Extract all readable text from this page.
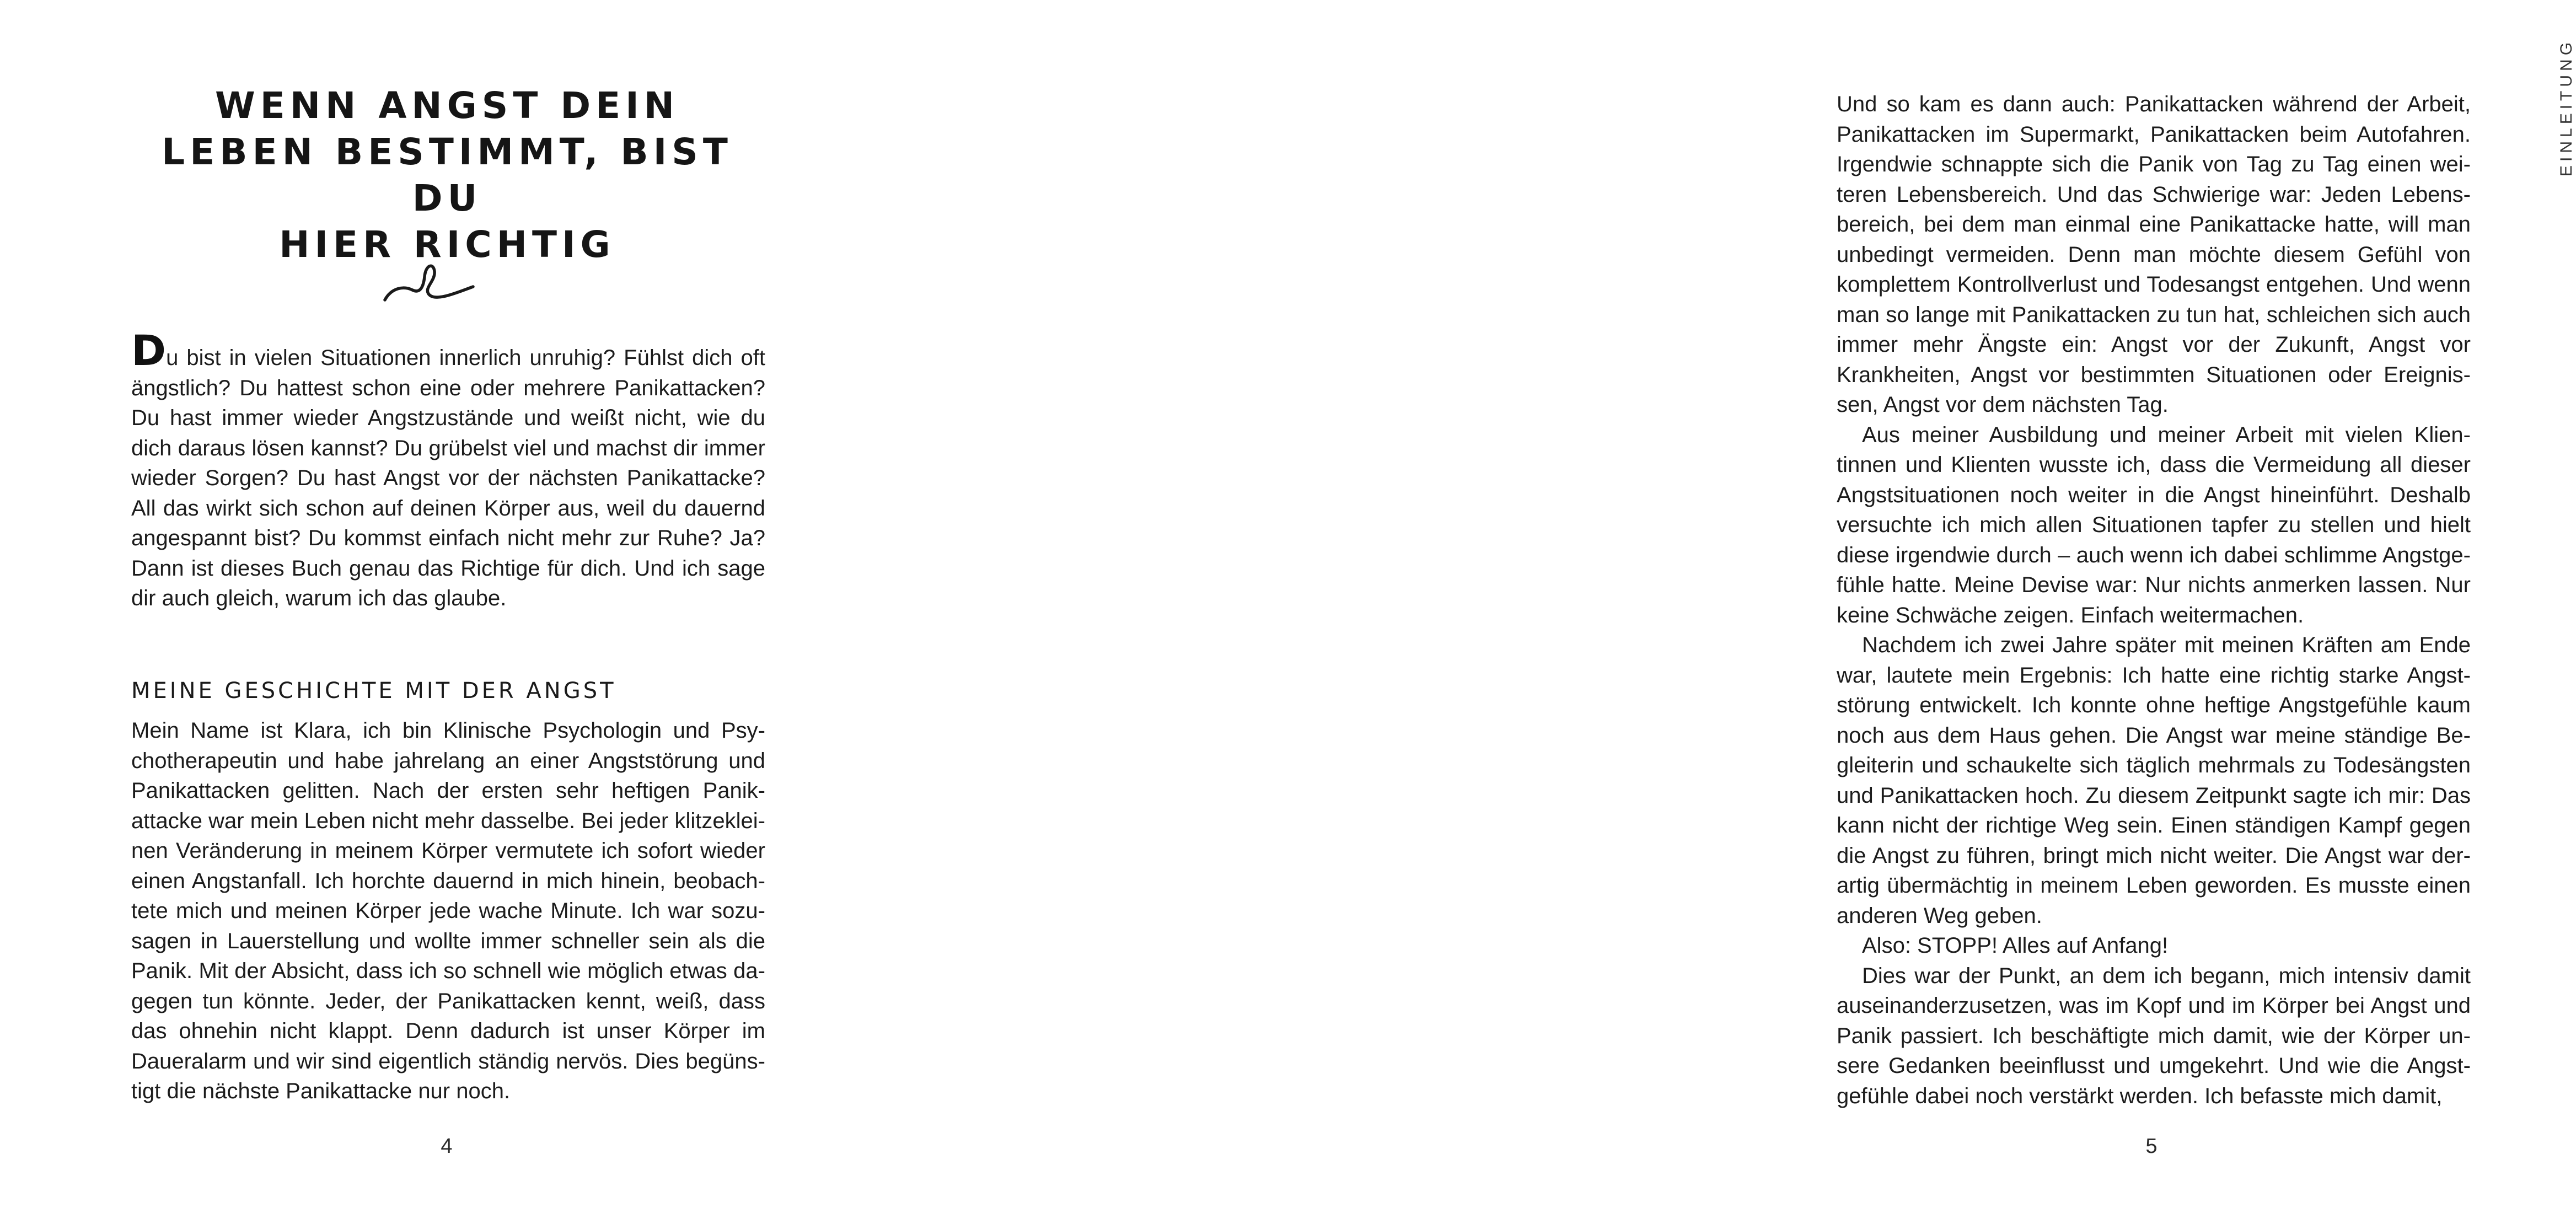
WENN ANGST DEIN
LEBEN BESTIMMT, BIST DU
HIER RICHTIG

Du bist in vielen Situationen innerlich unruhig? Fühlst dich oft ängstlich? Du hattest schon eine oder mehrere Panikattacken? Du hast immer wieder Angstzustände und weißt nicht, wie du dich daraus lösen kannst? Du grübelst viel und machst dir immer wieder Sorgen? Du hast Angst vor der nächsten Panikattacke? All das wirkt sich schon auf deinen Körper aus, weil du dauernd angespannt bist? Du kommst einfach nicht mehr zur Ruhe? Ja? Dann ist dieses Buch genau das Richtige für dich. Und ich sage dir auch gleich, warum ich das glaube.

MEINE GESCHICHTE MIT DER ANGST

Mein Name ist Klara, ich bin Klinische Psychologin und Psychotherapeutin und habe jahrelang an einer Angststörung und Panikattacken gelitten. Nach der ersten sehr heftigen Panikattacke war mein Leben nicht mehr dasselbe. Bei jeder klitzekleinen Veränderung in meinem Körper vermutete ich sofort wieder einen Angstanfall. Ich horchte dauernd in mich hinein, beobachtete mich und meinen Körper jede wache Minute. Ich war sozusagen in Lauerstellung und wollte immer schneller sein als die Panik. Mit der Absicht, dass ich so schnell wie möglich etwas dagegen tun könnte. Jeder, der Panikattacken kennt, weiß, dass das ohnehin nicht klappt. Denn dadurch ist unser Körper im Daueralarm und wir sind eigentlich ständig nervös. Dies begünstigt die nächste Panikattacke nur noch.

4
EINLEITUNG

Und so kam es dann auch: Panikattacken während der Arbeit, Panikattacken im Supermarkt, Panikattacken beim Autofahren. Irgendwie schnappte sich die Panik von Tag zu Tag einen weiteren Lebensbereich. Und das Schwierige war: Jeden Lebensbereich, bei dem man einmal eine Panikattacke hatte, will man unbedingt vermeiden. Denn man möchte diesem Gefühl von komplettem Kontrollverlust und Todesangst entgehen. Und wenn man so lange mit Panikattacken zu tun hat, schleichen sich auch immer mehr Ängste ein: Angst vor der Zukunft, Angst vor Krankheiten, Angst vor bestimmten Situationen oder Ereignissen, Angst vor dem nächsten Tag.

Aus meiner Ausbildung und meiner Arbeit mit vielen Klientinnen und Klienten wusste ich, dass die Vermeidung all dieser Angstsituationen noch weiter in die Angst hineinführt. Deshalb versuchte ich mich allen Situationen tapfer zu stellen und hielt diese irgendwie durch – auch wenn ich dabei schlimme Angstgefühle hatte. Meine Devise war: Nur nichts anmerken lassen. Nur keine Schwäche zeigen. Einfach weitermachen.

Nachdem ich zwei Jahre später mit meinen Kräften am Ende war, lautete mein Ergebnis: Ich hatte eine richtig starke Angststörung entwickelt. Ich konnte ohne heftige Angstgefühle kaum noch aus dem Haus gehen. Die Angst war meine ständige Begleiterin und schaukelte sich täglich mehrmals zu Todesängsten und Panikattacken hoch. Zu diesem Zeitpunkt sagte ich mir: Das kann nicht der richtige Weg sein. Einen ständigen Kampf gegen die Angst zu führen, bringt mich nicht weiter. Die Angst war derartig übermächtig in meinem Leben geworden. Es musste einen anderen Weg geben.

Also: STOPP! Alles auf Anfang!

Dies war der Punkt, an dem ich begann, mich intensiv damit auseinanderzusetzen, was im Kopf und im Körper bei Angst und Panik passiert. Ich beschäftigte mich damit, wie der Körper unsere Gedanken beeinflusst und umgekehrt. Und wie die Angstgefühle dabei noch verstärkt werden. Ich befasste mich damit,

5
